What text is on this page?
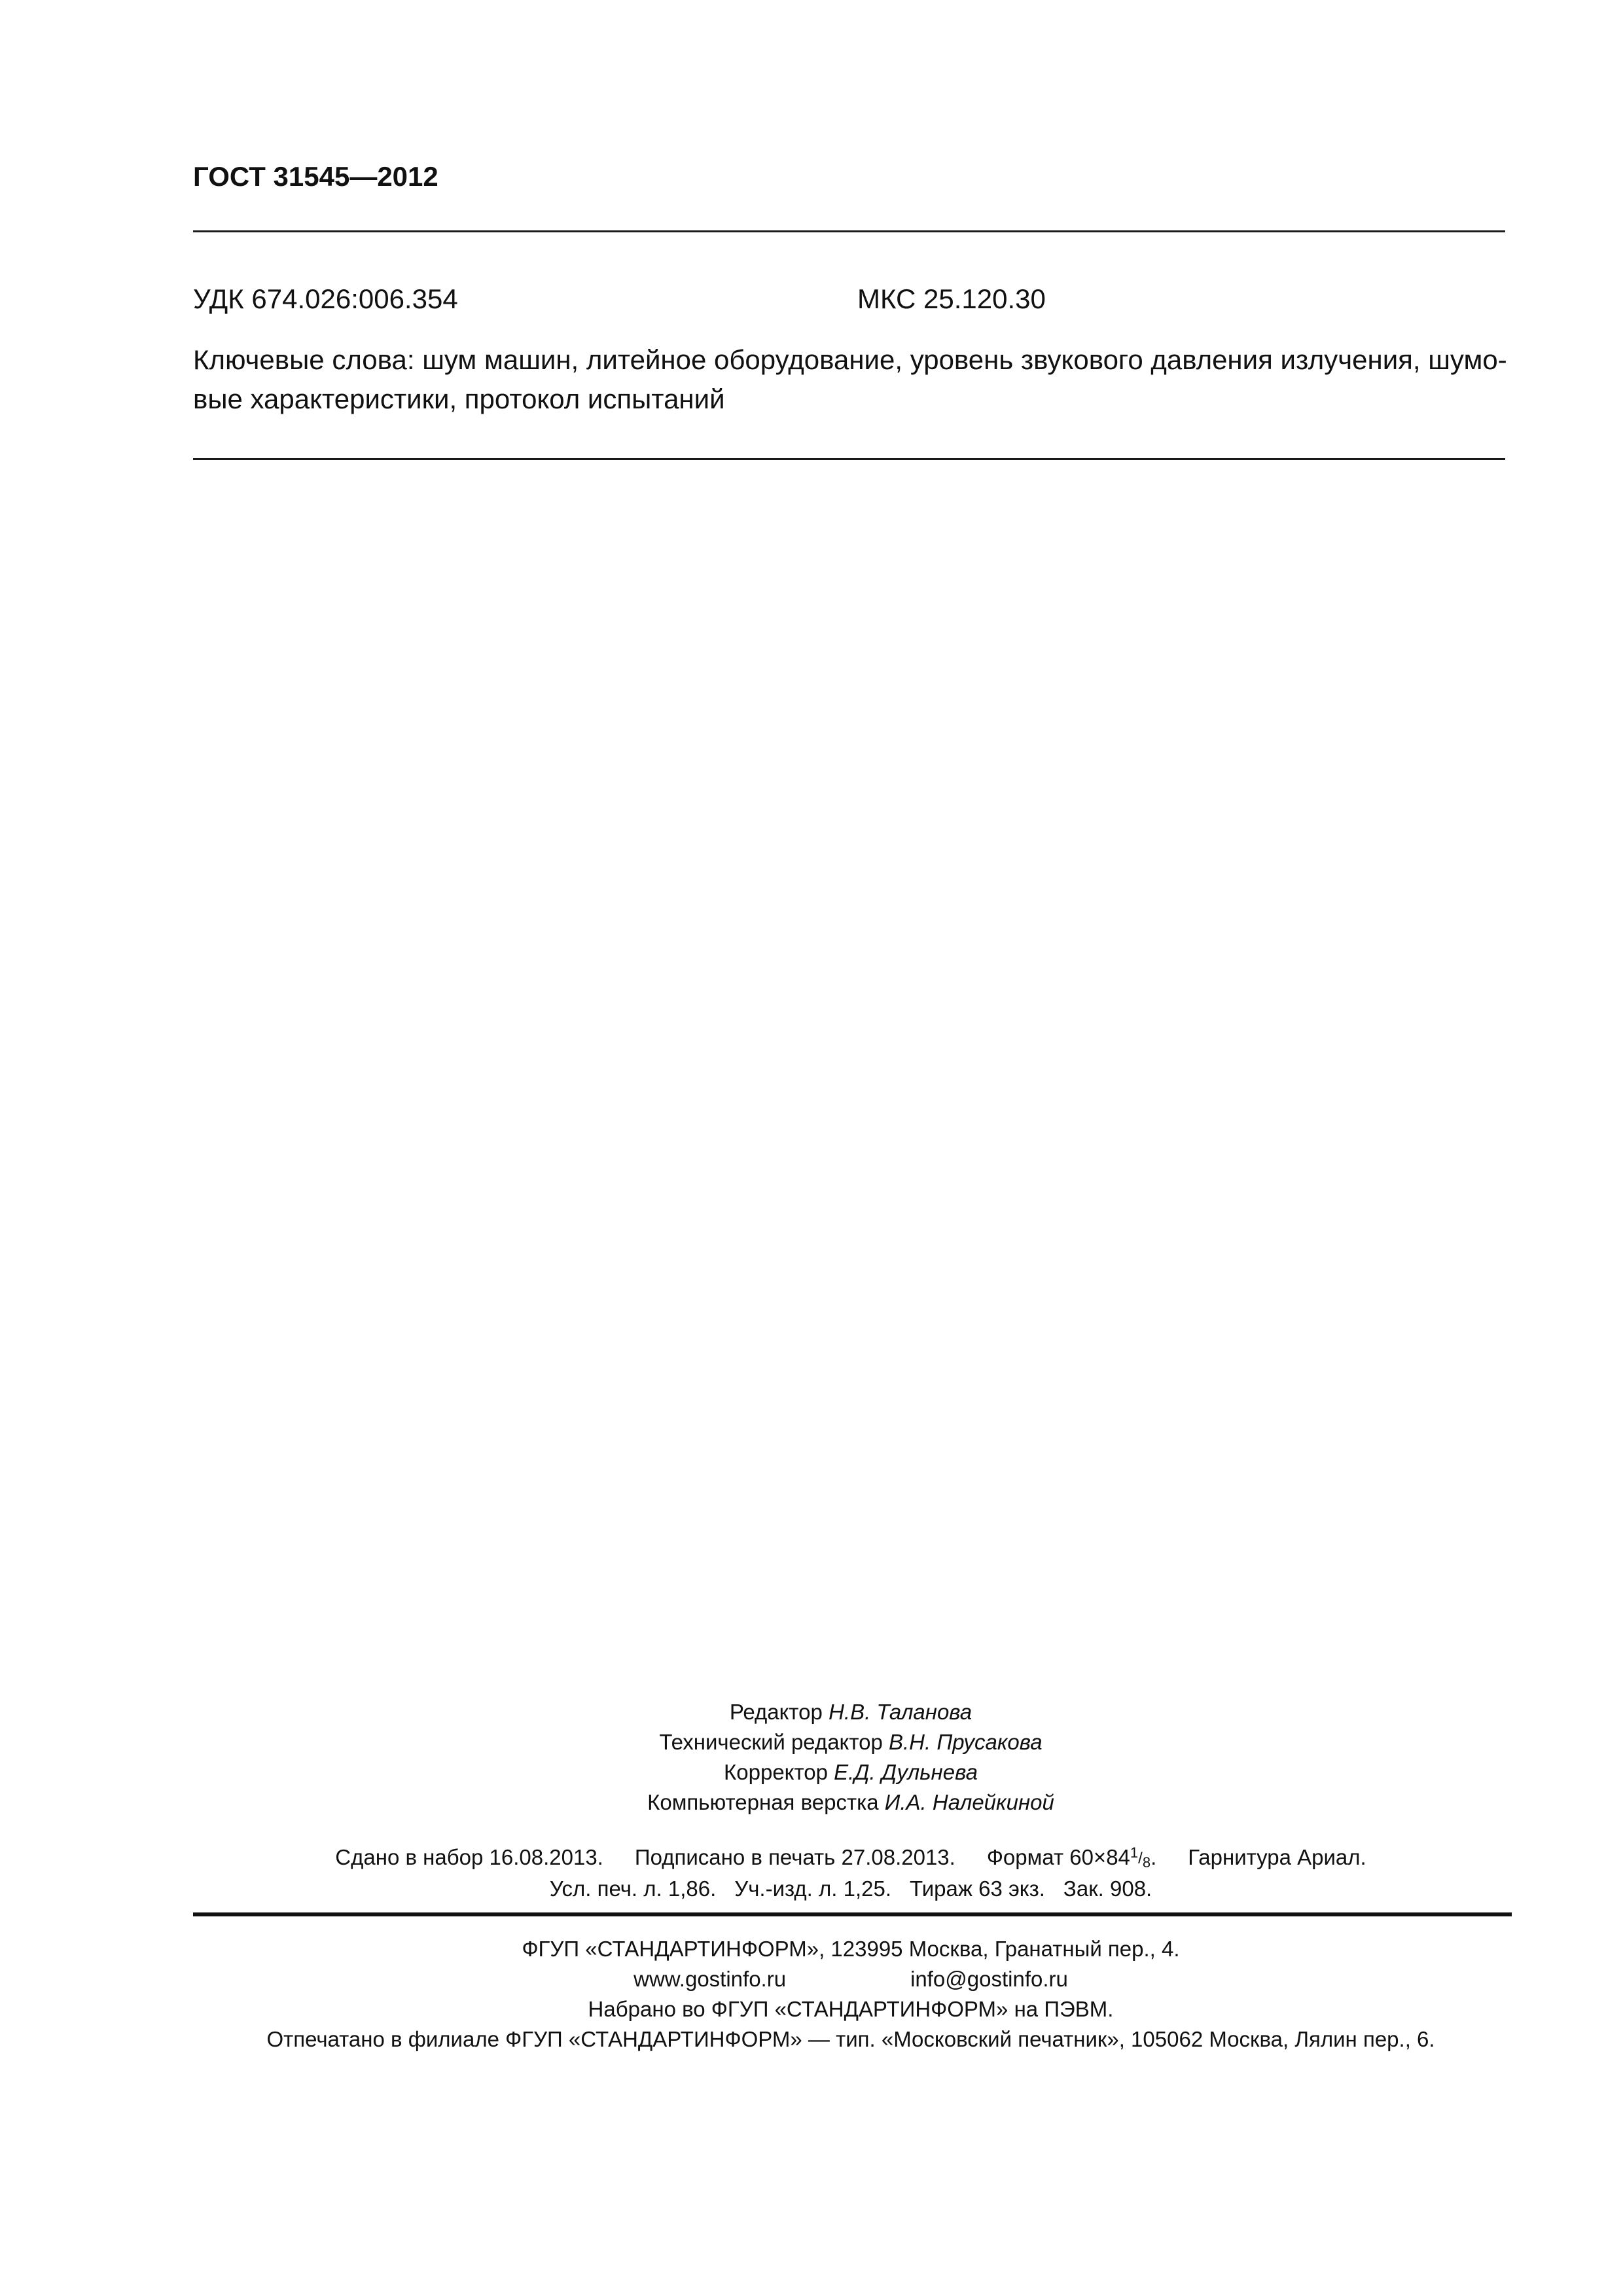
ГОСТ 31545—2012
УДК 674.026:006.354	МКС 25.120.30
Ключевые слова: шум машин, литейное оборудование, уровень звукового давления излучения, шумо-
вые характеристики, протокол испытаний
Редактор Н.В. Таланова
Технический редактор В.Н. Прусакова
Корректор Е.Д. Дульнева
Компьютерная верстка И.А. Налейкиной
Сдано в набор 16.08.2013. Подписано в печать 27.08.2013. Формат $60\times 84^1/_8$. Гарнитура Ариал.
Усл. печ. л. 1,86. Уч.-изд. л. 1,25. Тираж 63 экз. Зак. 908.
ФГУП «СТАНДАРТИНФОРМ», 123995 Москва, Гранатный пер., 4.
www.gostinfo.ru	info@gostinfo.ru
Набрано во ФГУП «СТАНДАРТИНФОРМ» на ПЭВМ.
Отпечатано в филиале ФГУП «СТАНДАРТИНФОРМ» — тип. «Московский печатник», 105062 Москва, Лялин пер., 6.
